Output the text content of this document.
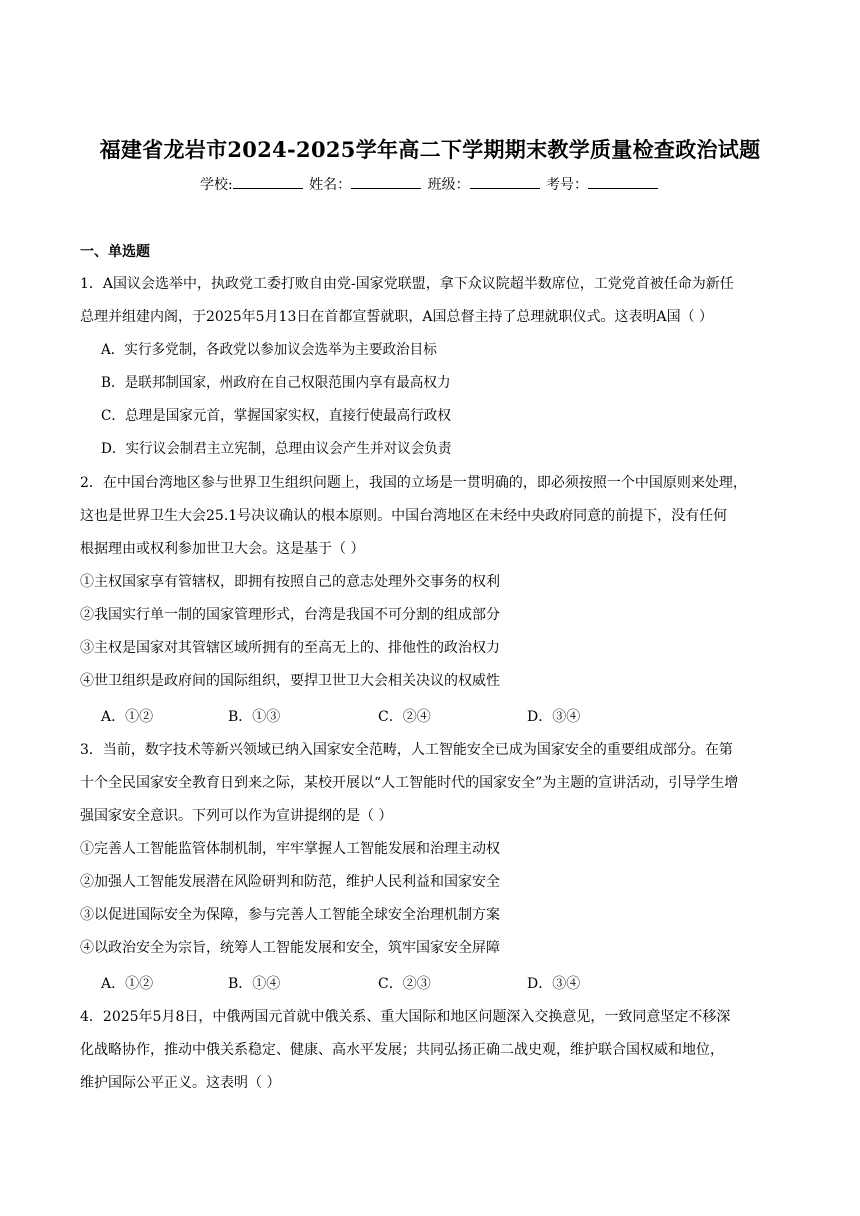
福建省龙岩市2024-2025学年高二下学期期末教学质量检查政治试题
学校:	姓名：	班级：	考号：
一、单选题
1．A国议会选举中，执政党工委打败自由党-国家党联盟，拿下众议院超半数席位，工党党首被任命为新任
总理并组建内阁，于2025年5月13日在首都宣誓就职，A国总督主持了总理就职仪式。这表明A国（ ）
A．实行多党制，各政党以参加议会选举为主要政治目标
B．是联邦制国家，州政府在自己权限范围内享有最高权力
C．总理是国家元首，掌握国家实权，直接行使最高行政权
D．实行议会制君主立宪制，总理由议会产生并对议会负责
2．在中国台湾地区参与世界卫生组织问题上，我国的立场是一贯明确的，即必须按照一个中国原则来处理，
这也是世界卫生大会25.1号决议确认的根本原则。中国台湾地区在未经中央政府同意的前提下，没有任何
根据理由或权利参加世卫大会。这是基于（ ）
①主权国家享有管辖权，即拥有按照自己的意志处理外交事务的权利
②我国实行单一制的国家管理形式，台湾是我国不可分割的组成部分
③主权是国家对其管辖区域所拥有的至高无上的、排他性的政治权力
④世卫组织是政府间的国际组织，要捍卫世卫大会相关决议的权威性
A．①②	B．①③	C．②④	D．③④
3．当前，数字技术等新兴领域已纳入国家安全范畴，人工智能安全已成为国家安全的重要组成部分。在第
十个全民国家安全教育日到来之际，某校开展以“人工智能时代的国家安全”为主题的宣讲活动，引导学生增
强国家安全意识。下列可以作为宣讲提纲的是（ ）
①完善人工智能监管体制机制，牢牢掌握人工智能发展和治理主动权
②加强人工智能发展潜在风险研判和防范，维护人民利益和国家安全
③以促进国际安全为保障，参与完善人工智能全球安全治理机制方案
④以政治安全为宗旨，统筹人工智能发展和安全，筑牢国家安全屏障
A．①②	B．①④	C．②③	D．③④
4．2025年5月8日，中俄两国元首就中俄关系、重大国际和地区问题深入交换意见，一致同意坚定不移深
化战略协作，推动中俄关系稳定、健康、高水平发展；共同弘扬正确二战史观，维护联合国权威和地位，
维护国际公平正义。这表明（ ）
